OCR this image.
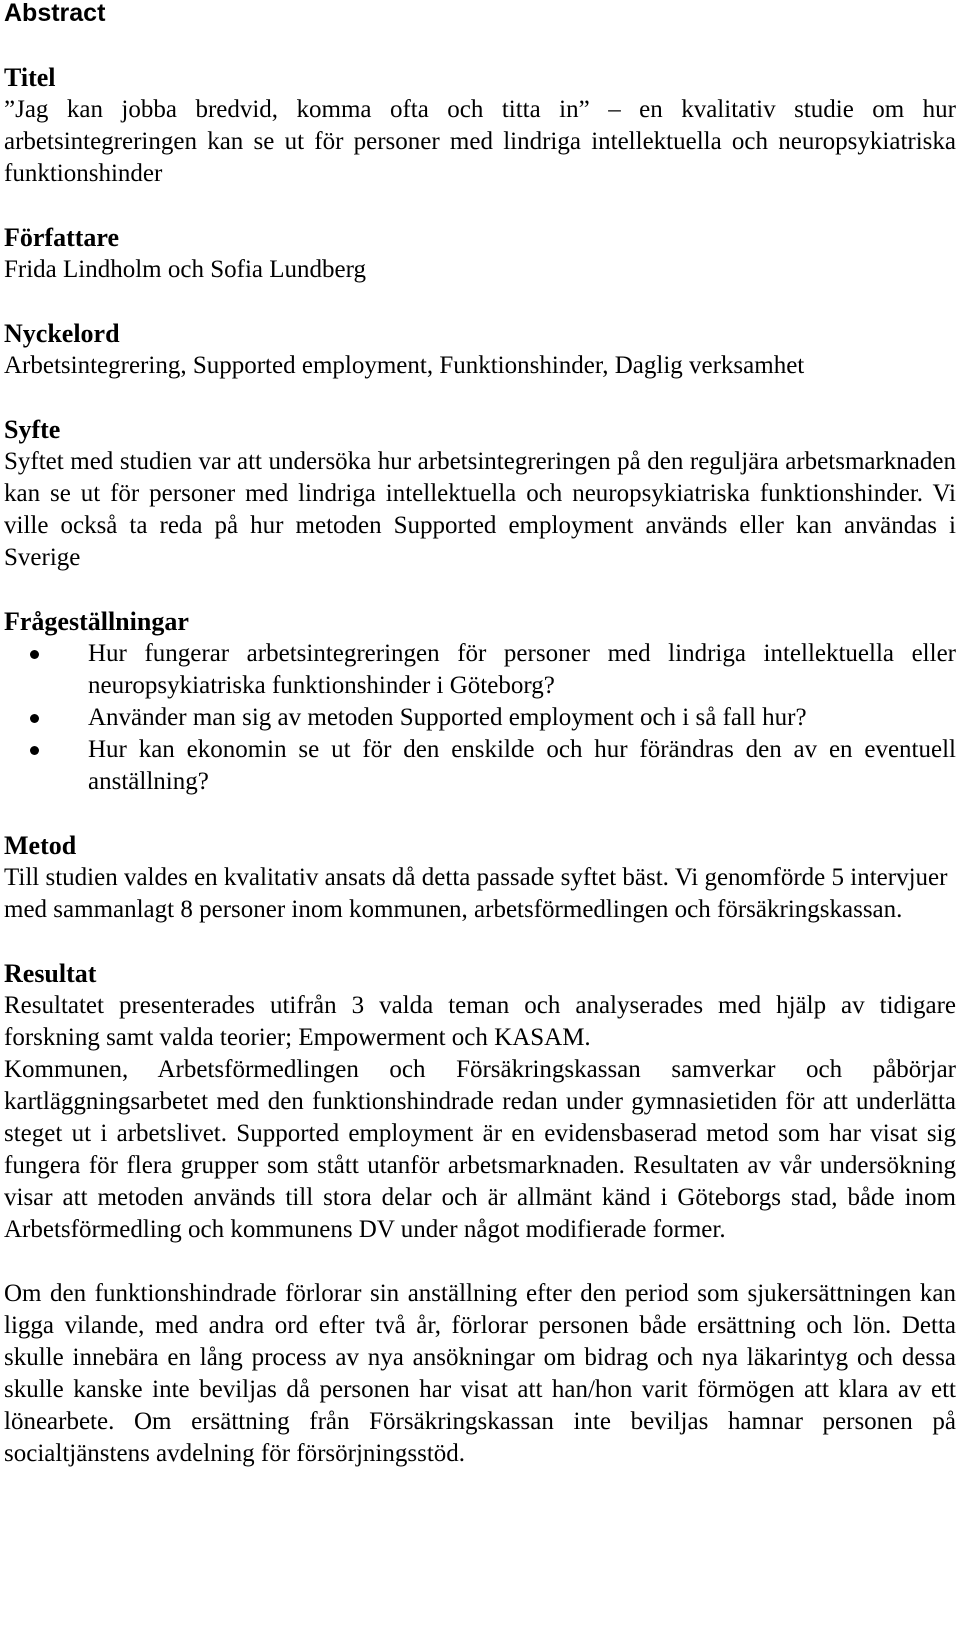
Abstract
Titel
”Jag kan jobba bredvid, komma ofta och titta in” – en kvalitativ studie om hur arbetsintegreringen kan se ut för personer med lindriga intellektuella och neuropsykiatriska funktionshinder
Författare
Frida Lindholm och Sofia Lundberg
Nyckelord
Arbetsintegrering, Supported employment, Funktionshinder, Daglig verksamhet
Syfte
Syftet med studien var att undersöka hur arbetsintegreringen på den reguljära arbetsmarknaden kan se ut för personer med lindriga intellektuella och neuropsykiatriska funktionshinder. Vi ville också ta reda på hur metoden Supported employment används eller kan användas i Sverige
Frågeställningar
Hur fungerar arbetsintegreringen för personer med lindriga intellektuella eller neuropsykiatriska funktionshinder i Göteborg?
Använder man sig av metoden Supported employment och i så fall hur?
Hur kan ekonomin se ut för den enskilde och hur förändras den av en eventuell anställning?
Metod
Till studien valdes en kvalitativ ansats då detta passade syftet bäst. Vi genomförde 5 intervjuer med sammanlagt 8 personer inom kommunen, arbetsförmedlingen och försäkringskassan.
Resultat
Resultatet presenterades utifrån 3 valda teman och analyserades med hjälp av tidigare forskning samt valda teorier; Empowerment och KASAM.
Kommunen, Arbetsförmedlingen och Försäkringskassan samverkar och påbörjar kartläggningsarbetet med den funktionshindrade redan under gymnasietiden för att underlätta steget ut i arbetslivet. Supported employment är en evidensbaserad metod som har visat sig fungera för flera grupper som stått utanför arbetsmarknaden. Resultaten av vår undersökning visar att metoden används till stora delar och är allmänt känd i Göteborgs stad, både inom Arbetsförmedling och kommunens DV under något modifierade former.
Om den funktionshindrade förlorar sin anställning efter den period som sjukersättningen kan ligga vilande, med andra ord efter två år, förlorar personen både ersättning och lön. Detta skulle innebära en lång process av nya ansökningar om bidrag och nya läkarintyg och dessa skulle kanske inte beviljas då personen har visat att han/hon varit förmögen att klara av ett lönearbete. Om ersättning från Försäkringskassan inte beviljas hamnar personen på socialtjänstens avdelning för försörjningsstöd.
